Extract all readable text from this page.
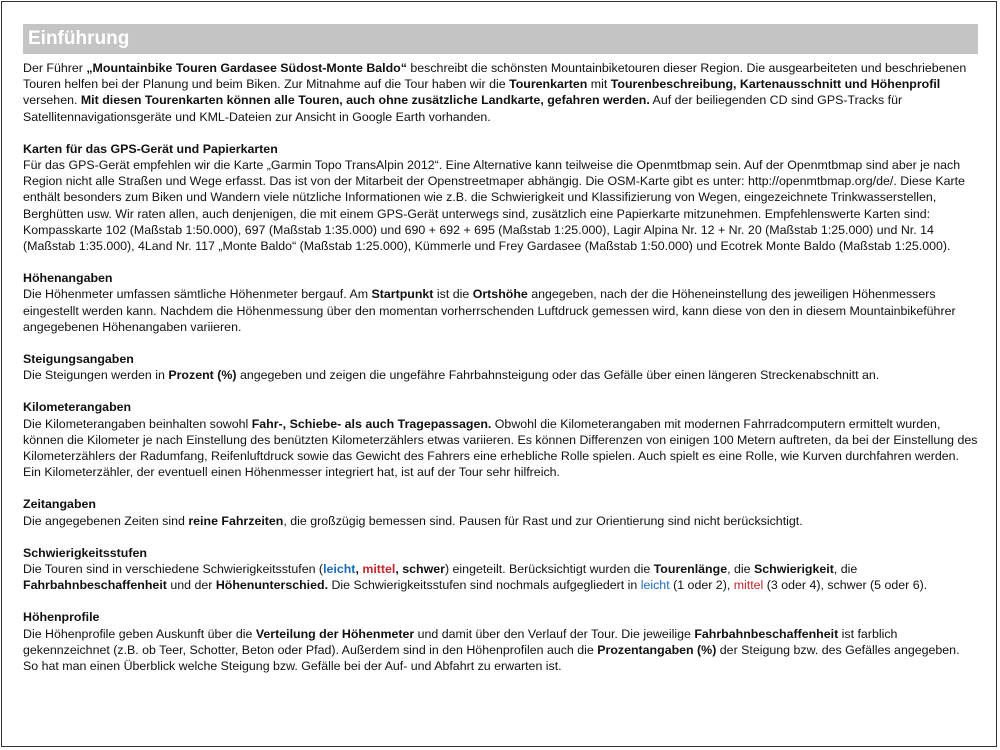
Einführung

Der Führer „Mountainbike Touren Gardasee Südost-Monte Baldo“ beschreibt die schönsten Mountainbiketouren dieser Region. Die ausgearbeiteten und beschriebenen Touren helfen bei der Planung und beim Biken. Zur Mitnahme auf die Tour haben wir die Tourenkarten mit Tourenbeschreibung, Kartenausschnitt und Höhenprofil versehen. Mit diesen Tourenkarten können alle Touren, auch ohne zusätzliche Landkarte, gefahren werden. Auf der beiliegenden CD sind GPS-Tracks für Satellitennavigationsgeräte und KML-Dateien zur Ansicht in Google Earth vorhanden.

Karten für das GPS-Gerät und Papierkarten

Für das GPS-Gerät empfehlen wir die Karte „Garmin Topo TransAlpin 2012“. Eine Alternative kann teilweise die Openmtbmap sein. Auf der Openmtbmap sind aber je nach Region nicht alle Straßen und Wege erfasst. Das ist von der Mitarbeit der Openstreetmaper abhängig. Die OSM-Karte gibt es unter: http://openmtbmap.org/de/. Diese Karte enthält besonders zum Biken und Wandern viele nützliche Informationen wie z.B. die Schwierigkeit und Klassifizierung von Wegen, eingezeichnete Trinkwasserstellen, Berghütten usw. Wir raten allen, auch denjenigen, die mit einem GPS-Gerät unterwegs sind, zusätzlich eine Papierkarte mitzunehmen. Empfehlenswerte Karten sind: Kompasskarte 102 (Maßstab 1:50.000), 697 (Maßstab 1:35.000) und 690 + 692 + 695 (Maßstab 1:25.000), Lagir Alpina Nr. 12 + Nr. 20 (Maßstab 1:25.000) und Nr. 14 (Maßstab 1:35.000), 4Land Nr. 117 „Monte Baldo“ (Maßstab 1:25.000), Kümmerle und Frey Gardasee (Maßstab 1:50.000) und Ecotrek Monte Baldo (Maßstab 1:25.000).

Höhenangaben

Die Höhenmeter umfassen sämtliche Höhenmeter bergauf. Am Startpunkt ist die Ortshöhe angegeben, nach der die Höheneinstellung des jeweiligen Höhenmessers eingestellt werden kann. Nachdem die Höhenmessung über den momentan vorherrschenden Luftdruck gemessen wird, kann diese von den in diesem Mountainbikeführer angegebenen Höhenangaben variieren.

Steigungsangaben

Die Steigungen werden in Prozent (%) angegeben und zeigen die ungefähre Fahrbahnsteigung oder das Gefälle über einen längeren Streckenabschnitt an.

Kilometerangaben

Die Kilometerangaben beinhalten sowohl Fahr-, Schiebe- als auch Tragepassagen. Obwohl die Kilometerangaben mit modernen Fahrradcomputern ermittelt wurden, können die Kilometer je nach Einstellung des benützten Kilometerzählers etwas variieren. Es können Differenzen von einigen 100 Metern auftreten, da bei der Einstellung des Kilometerzählers der Radumfang, Reifenluftdruck sowie das Gewicht des Fahrers eine erhebliche Rolle spielen. Auch spielt es eine Rolle, wie Kurven durchfahren werden. Ein Kilometerzähler, der eventuell einen Höhenmesser integriert hat, ist auf der Tour sehr hilfreich.

Zeitangaben

Die angegebenen Zeiten sind reine Fahrzeiten, die großzügig bemessen sind. Pausen für Rast und zur Orientierung sind nicht berücksichtigt.

Schwierigkeitsstufen

Die Touren sind in verschiedene Schwierigkeitsstufen (leicht, mittel, schwer) eingeteilt. Berücksichtigt wurden die Tourenlänge, die Schwierigkeit, die Fahrbahnbeschaffenheit und der Höhenunterschied. Die Schwierigkeitsstufen sind nochmals aufgegliedert in leicht (1 oder 2), mittel (3 oder 4), schwer (5 oder 6).

Höhenprofile

Die Höhenprofile geben Auskunft über die Verteilung der Höhenmeter und damit über den Verlauf der Tour. Die jeweilige Fahrbahnbeschaffenheit ist farblich gekennzeichnet (z.B. ob Teer, Schotter, Beton oder Pfad). Außerdem sind in den Höhenprofilen auch die Prozentangaben (%) der Steigung bzw. des Gefälles angegeben. So hat man einen Überblick welche Steigung bzw. Gefälle bei der Auf- und Abfahrt zu erwarten ist.
